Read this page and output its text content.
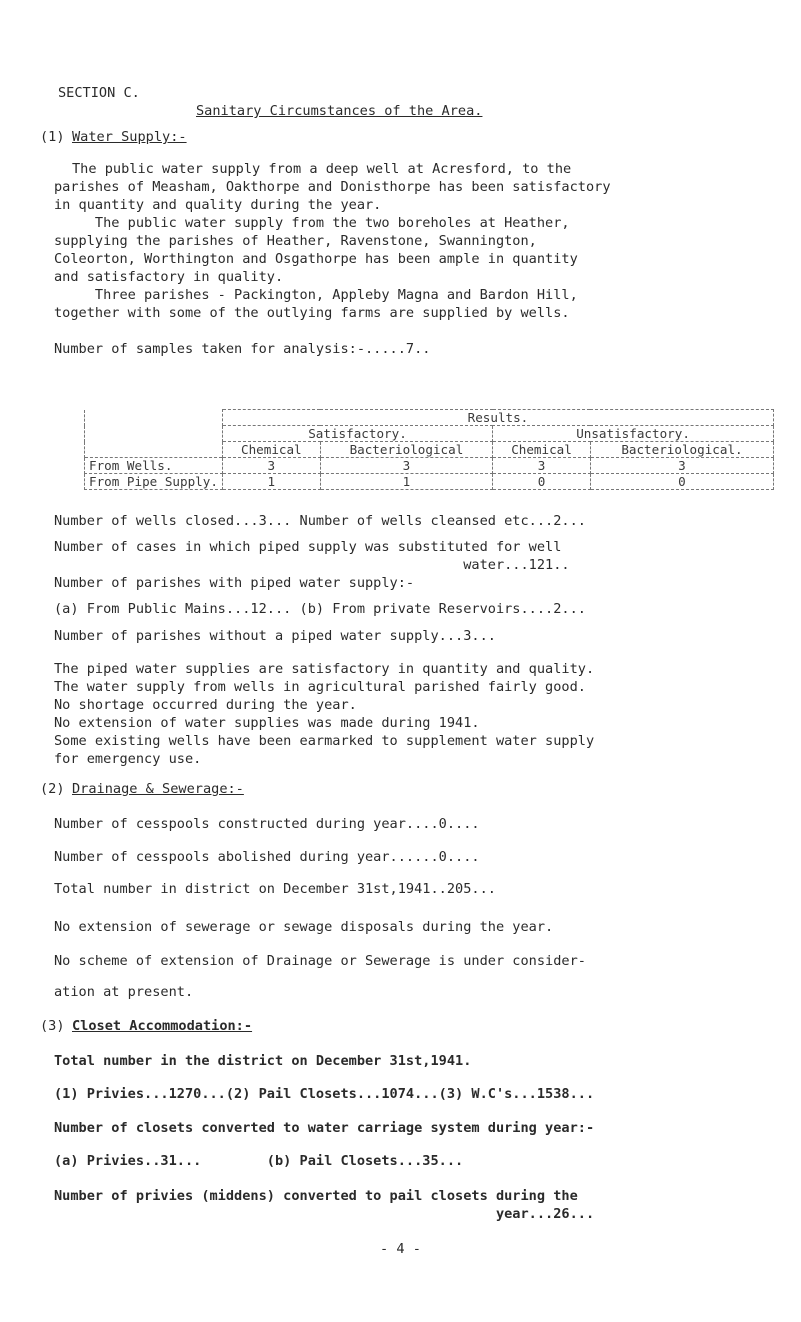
SECTION C.
Sanitary Circumstances of the Area.
(1) Water Supply:-
The public water supply from a deep well at Acresford, to the
parishes of Measham, Oakthorpe and Donisthorpe has been satisfactory
in quantity and quality during the year.
The public water supply from the two boreholes at Heather,
supplying the parishes of Heather, Ravenstone, Swannington,
Coleorton, Worthington and Osgathorpe has been ample in quantity
and satisfactory in quality.
Three parishes - Packington, Appleby Magna and Bardon Hill,
together with some of the outlying farms are supplied by wells.
Number of samples taken for analysis:-.....7..
	Results.			
	Satisfactory.		Unsatisfactory.	
	Chemical	Bacteriological	Chemical	Bacteriological.
From Wells.	3	3	3	3
From Pipe Supply.	1	1	0	0
Number of wells closed...3... Number of wells cleansed etc...2...
Number of cases in which piped supply was substituted for well
water...121..
Number of parishes with piped water supply:-
(a) From Public Mains...12... (b) From private Reservoirs....2...
Number of parishes without a piped water supply...3...
The piped water supplies are satisfactory in quantity and quality.
The water supply from wells in agricultural parished fairly good.
No shortage occurred during the year.
No extension of water supplies was made during 1941.
Some existing wells have been earmarked to supplement water supply
for emergency use.
(2) Drainage & Sewerage:-
Number of cesspools constructed during year....0....
Number of cesspools abolished during year......0....
Total number in district on December 31st,1941..205...
No extension of sewerage or sewage disposals during the year.
No scheme of extension of Drainage or Sewerage is under consider-
ation at present.
(3) Closet Accommodation:-
Total number in the district on December 31st,1941.
(1) Privies...1270...(2) Pail Closets...1074...(3) W.C's...1538...
Number of closets converted to water carriage system during year:-
(a) Privies..31...        (b) Pail Closets...35...
Number of privies (middens) converted to pail closets during the
year...26...
- 4 -
